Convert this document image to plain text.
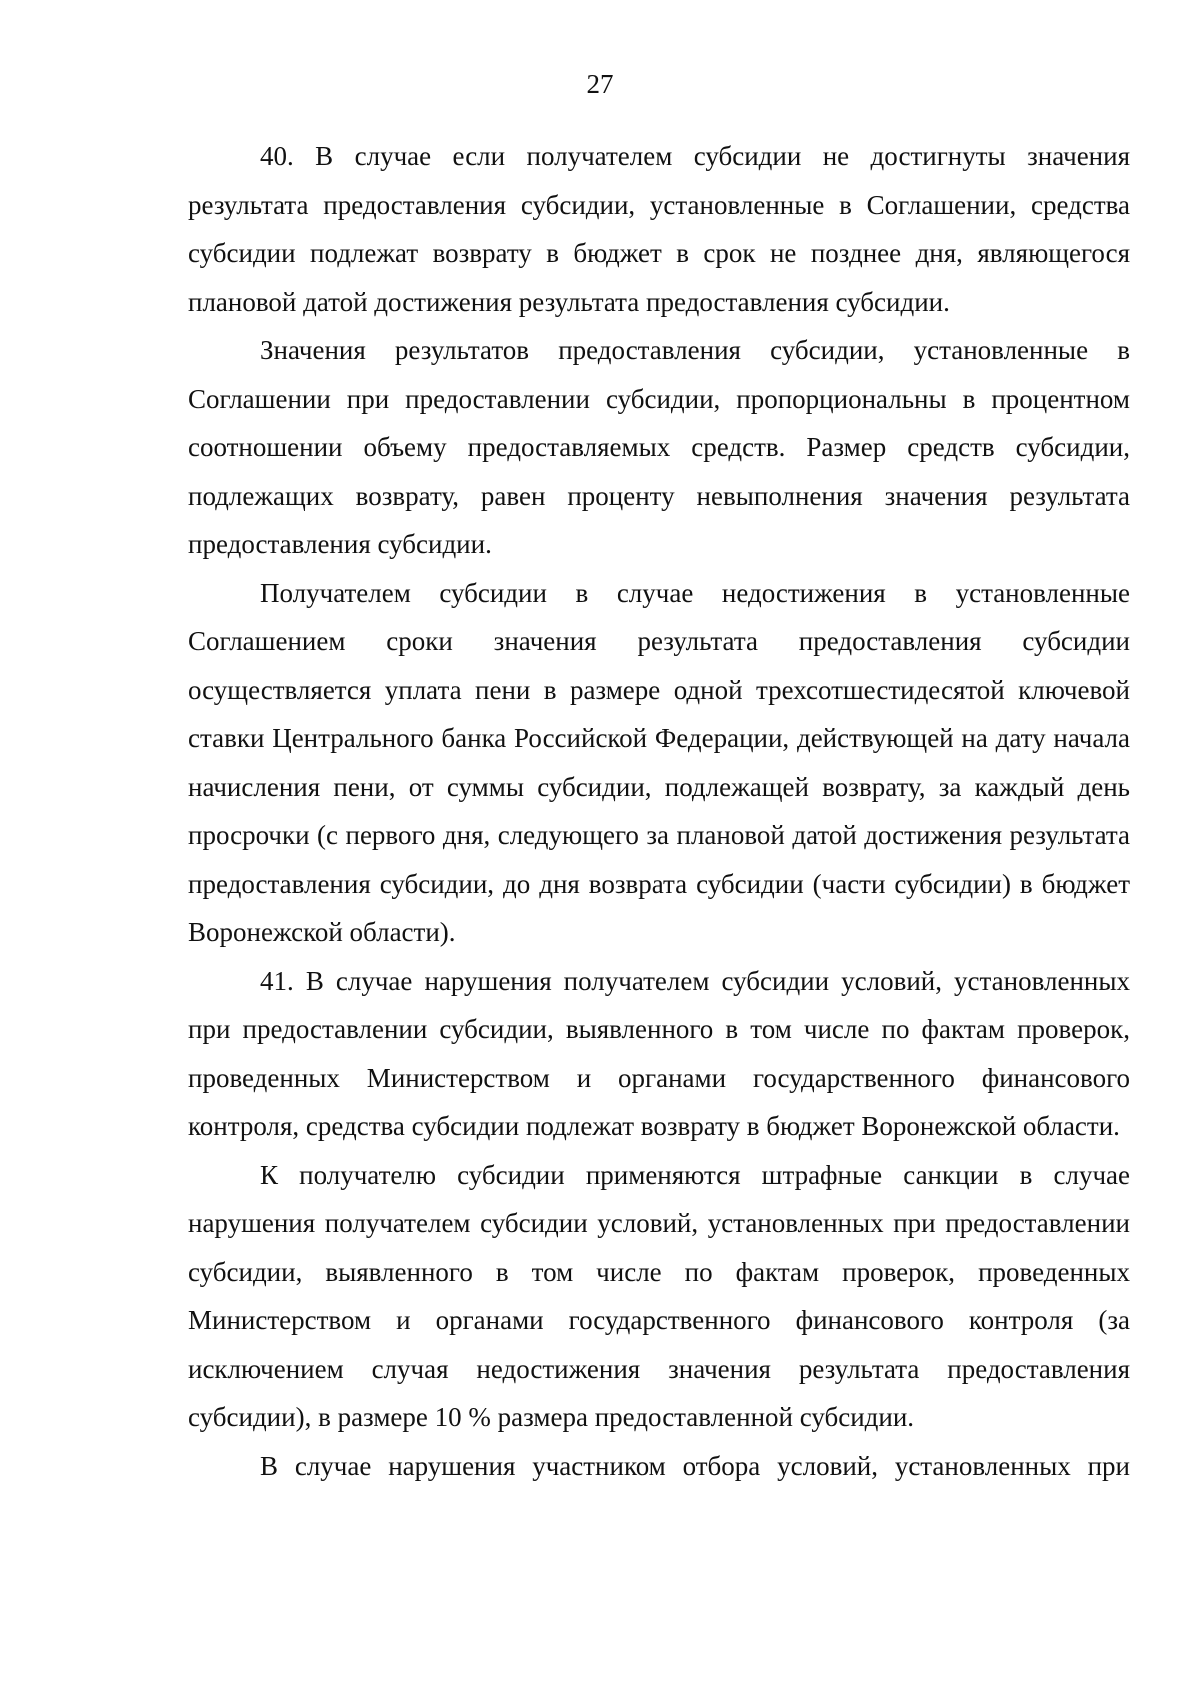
27

40. В случае если получателем субсидии не достигнуты значения результата предоставления субсидии, установленные в Соглашении, средства субсидии подлежат возврату в бюджет в срок не позднее дня, являющегося плановой датой достижения результата предоставления субсидии.

Значения результатов предоставления субсидии, установленные в Соглашении при предоставлении субсидии, пропорциональны в процентном соотношении объему предоставляемых средств. Размер средств субсидии, подлежащих возврату, равен проценту невыполнения значения результата предоставления субсидии.

Получателем субсидии в случае недостижения в установленные Соглашением сроки значения результата предоставления субсидии осуществляется уплата пени в размере одной трехсотшестидесятой ключевой ставки Центрального банка Российской Федерации, действующей на дату начала начисления пени, от суммы субсидии, подлежащей возврату, за каждый день просрочки (с первого дня, следующего за плановой датой достижения результата предоставления субсидии, до дня возврата субсидии (части субсидии) в бюджет Воронежской области).

41. В случае нарушения получателем субсидии условий, установленных при предоставлении субсидии, выявленного в том числе по фактам проверок, проведенных Министерством и органами государственного финансового контроля, средства субсидии подлежат возврату в бюджет Воронежской области.

К получателю субсидии применяются штрафные санкции в случае нарушения получателем субсидии условий, установленных при предоставлении субсидии, выявленного в том числе по фактам проверок, проведенных Министерством и органами государственного финансового контроля (за исключением случая недостижения значения результата предоставления субсидии), в размере 10 % размера предоставленной субсидии.

В случае нарушения участником отбора условий, установленных при
